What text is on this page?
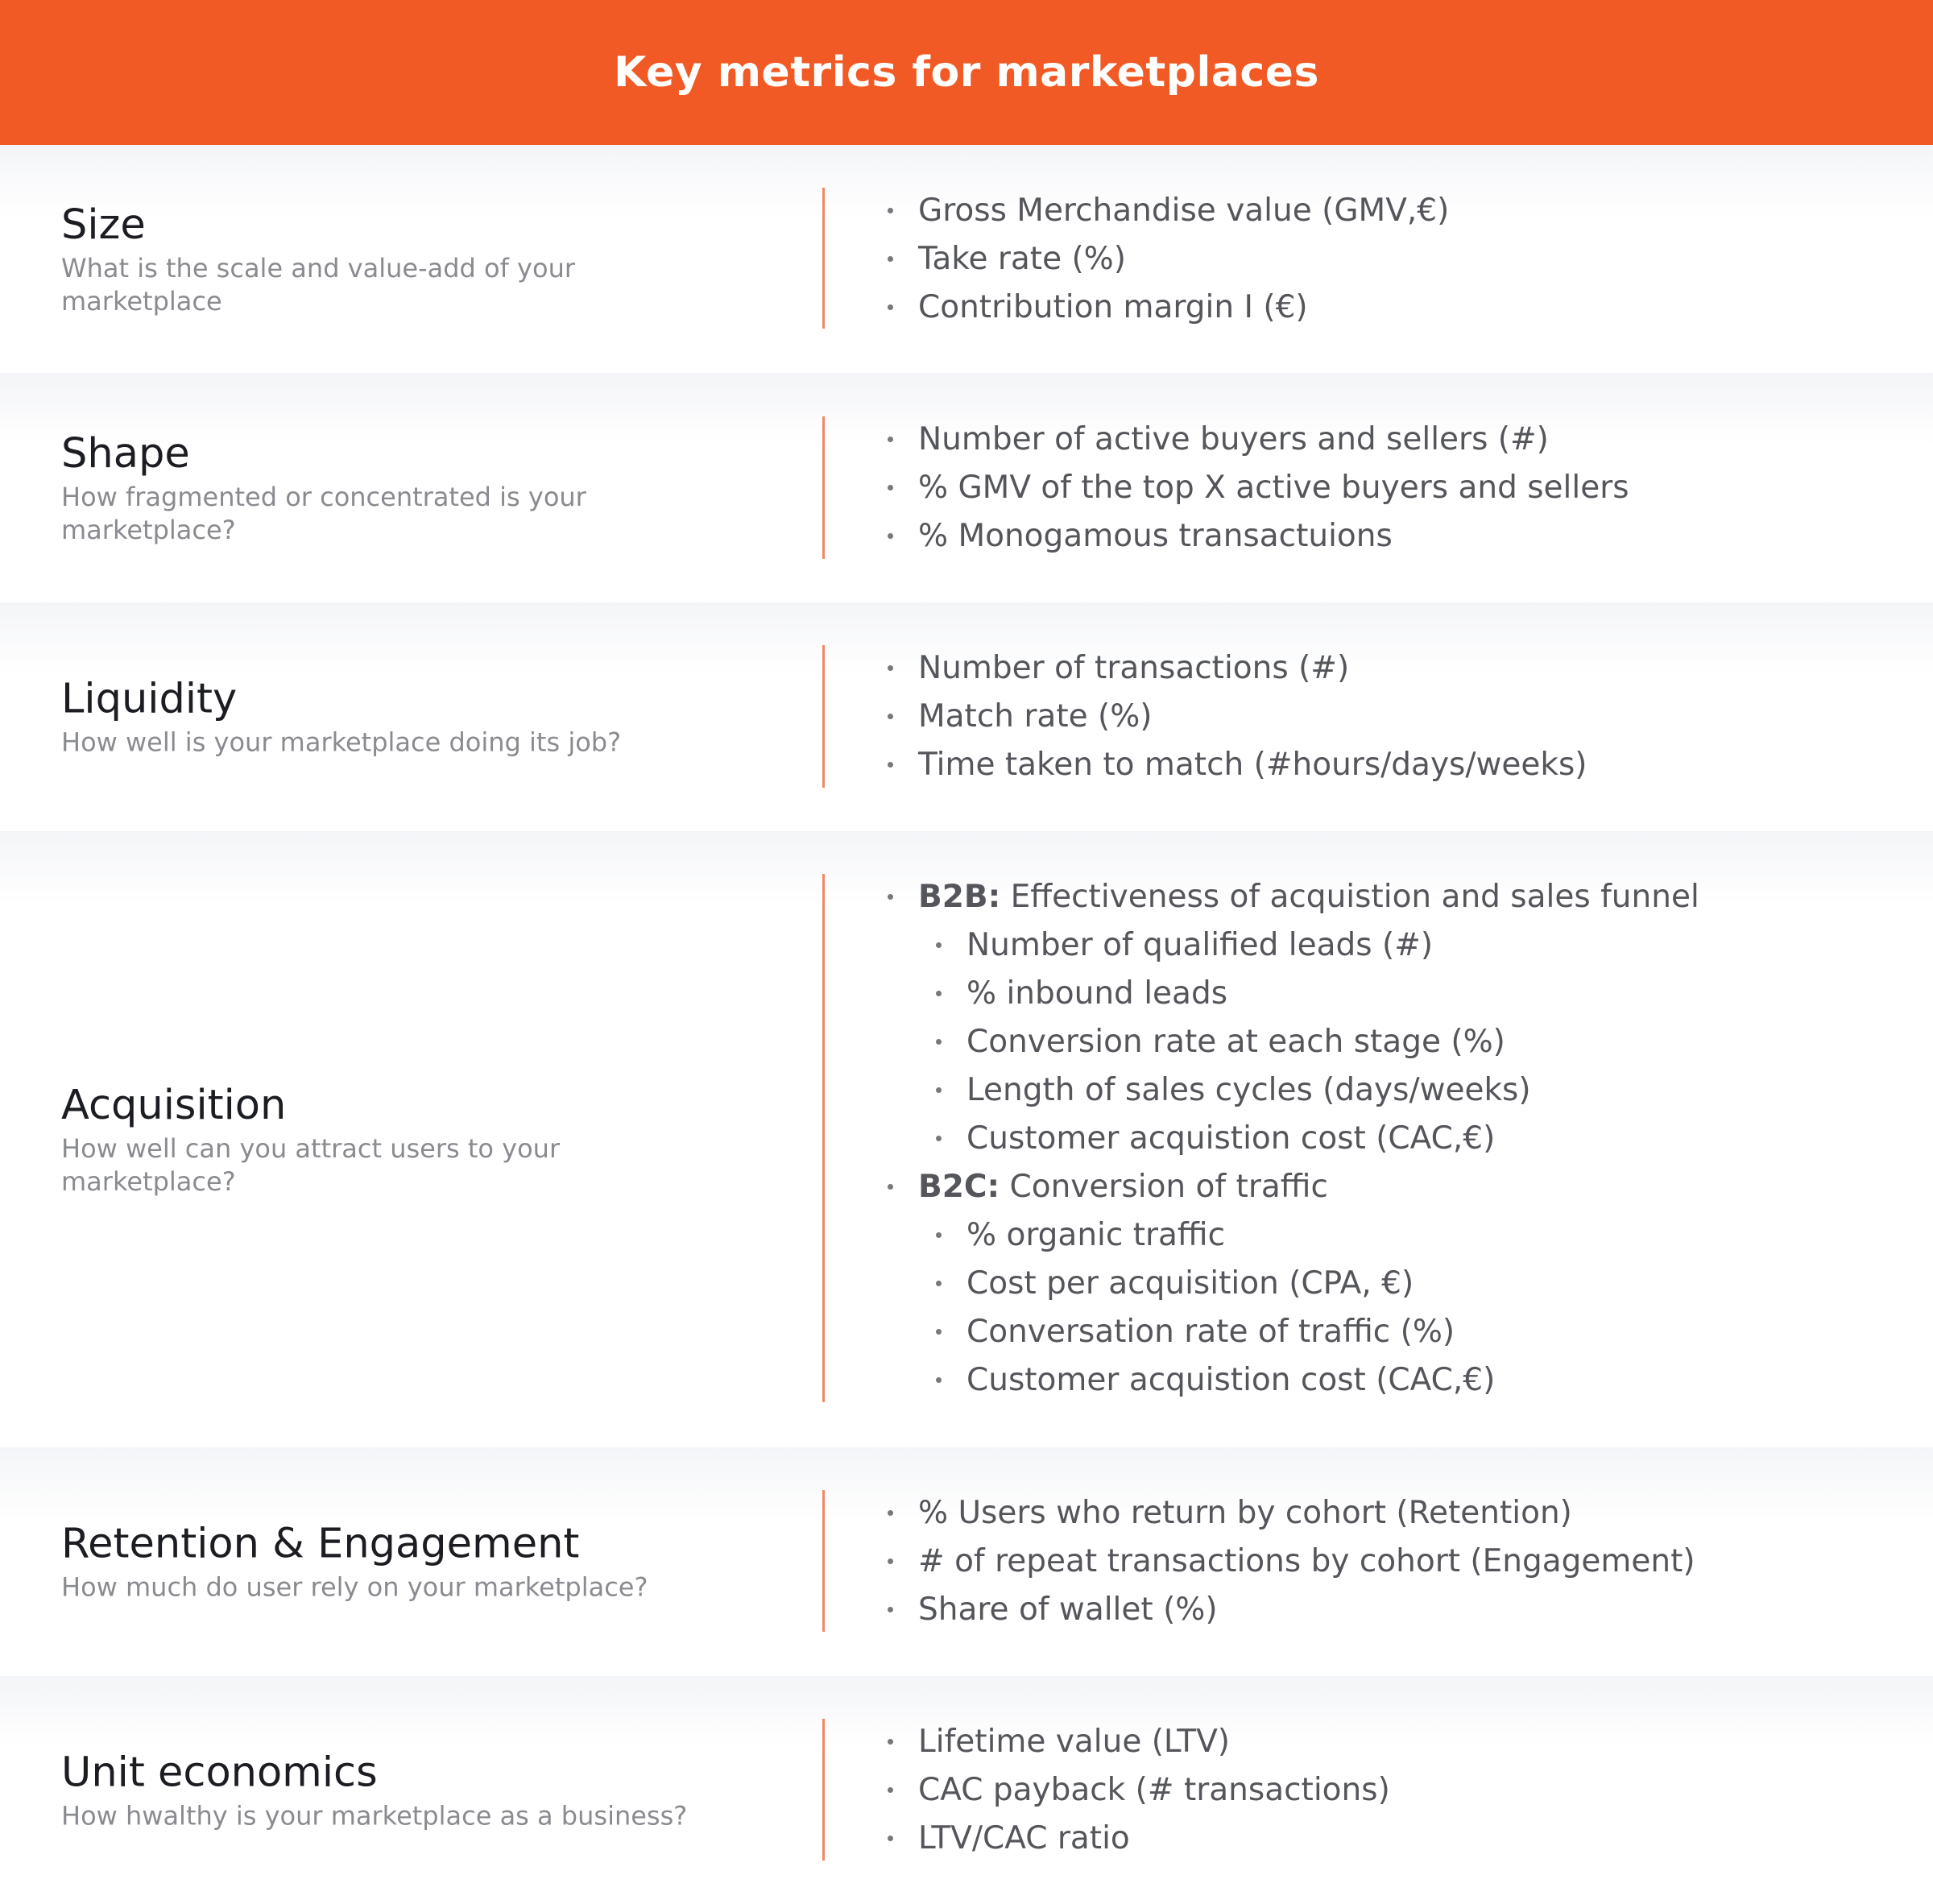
Key metrics for marketplaces
Size
What is the scale and value-add of your marketplace
Gross Merchandise value (GMV,€)
Take rate (%)
Contribution margin I (€)
Shape
How fragmented or concentrated is your marketplace?
Number of active buyers and sellers (#)
% GMV of the top X active buyers and sellers
% Monogamous transactuions
Liquidity
How well is your marketplace doing its job?
Number of transactions (#)
Match rate (%)
Time taken to match (#hours/days/weeks)
Acquisition
How well can you attract users to your marketplace?
B2B: Effectiveness of acquistion and sales funnel
Number of qualified leads (#)
% inbound leads
Conversion rate at each stage (%)
Length of sales cycles (days/weeks)
Customer acquistion cost (CAC,€)
B2C: Conversion of traffic
% organic traffic
Cost per acquisition (CPA, €)
Conversation rate of traffic (%)
Customer acquistion cost (CAC,€)
Retention & Engagement
How much do user rely on your marketplace?
% Users who return by cohort (Retention)
# of repeat transactions by cohort (Engagement)
Share of wallet (%)
Unit economics
How hwalthy is your marketplace as a business?
Lifetime value (LTV)
CAC payback (# transactions)
LTV/CAC ratio
